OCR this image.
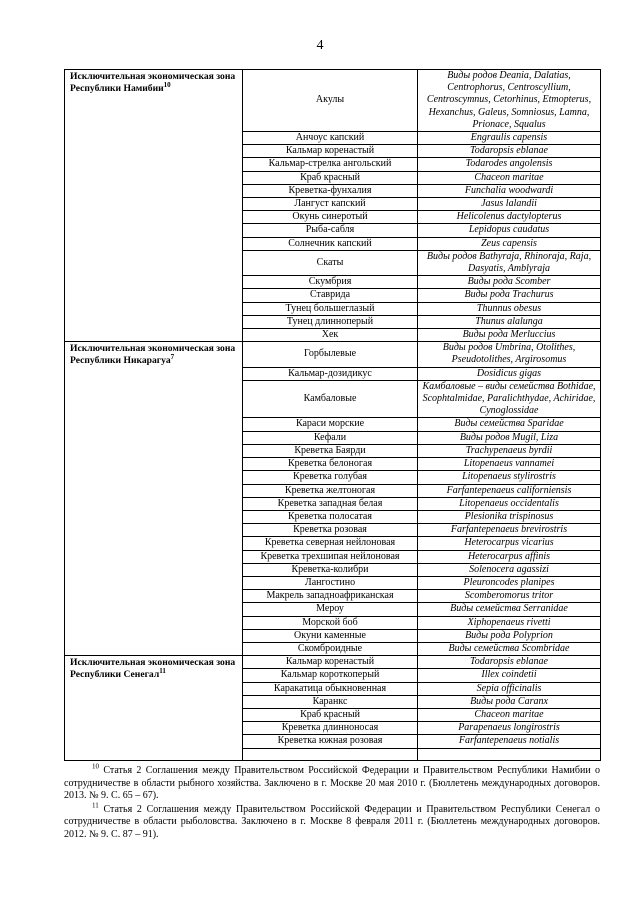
4
Исключительная экономическая зона Республики Намибии$^{10}$	Акулы	Виды родов Deania, Dalatias, Centrophorus, Centroscyllium, Centroscymnus, Cetorhinus, Etmopterus, Hexanchus, Galeus, Somniosus, Lamna, Prionace, Squalus
	Анчоус капский	Engraulis capensis
	Кальмар коренастый	Todaropsis eblanae
	Кальмар-стрелка ангольский	Todarodes angolensis
	Краб красный	Chaceon maritae
	Креветка-фунхалия	Funchalia woodwardi
	Лангуст капский	Jasus lalandii
	Окунь синеротый	Helicolenus dactylopterus
	Рыба-сабля	Lepidopus caudatus
	Солнечник капский	Zeus capensis
	Скаты	Виды родов Bathyraja, Rhinoraja, Raja, Dasyatis, Amblyraja
	Скумбрия	Виды рода Scomber
	Ставрида	Виды рода Trachurus
	Тунец большеглазый	Thunnus obesus
	Тунец длинноперый	Thunus alalunga
	Хек	Виды рода Merluccius
Исключительная экономическая зона Республики Никарагуа$^7$	Горбылевые	Виды родов Umbrina, Otolithes, Pseudotolithes, Argirosomus
	Кальмар-дозидикус	Dosidicus gigas
	Камбаловые	Камбаловые – виды семейства Bothidae, Scophtalmidae, Paralichthydae, Achiridae, Cynoglossidae
	Караси морские	Виды семейства Sparidae
	Кефали	Виды родов Mugil, Liza
	Креветка Баярди	Trachypenaeus byrdii
	Креветка белоногая	Litopenaeus vannamei
	Креветка голубая	Litopenaeus stylirostris
	Креветка желтоногая	Farfantepenaeus californiensis
	Креветка западная белая	Litopenaeus occidentalis
	Креветка полосатая	Plesionika trispinosus
	Креветка розовая	Farfantepenaeus brevirostris
	Креветка северная нейлоновая	Heterocarpus vicarius
	Креветка трехшипая нейлоновая	Heterocarpus affinis
	Креветка-колибри	Solenocera agassizi
	Лангостино	Pleuroncodes planipes
	Макрель западноафриканская	Scomberomorus tritor
	Мероу	Виды семейства Serranidae
	Морской боб	Xiphopenaeus rivetti
	Окуни каменные	Виды рода Polyprion
	Скомброидные	Виды семейства Scombridae
Исключительная экономическая зона Республики Сенегал$^{11}$	Кальмар коренастый	Todaropsis eblanae
	Кальмар короткоперый	Illex coindetii
	Каракатица обыкновенная	Sepia officinalis
	Каранкс	Виды рода Caranx
	Краб красный	Chaceon maritae
	Креветка длинноносая	Parapenaeus longirostris
	Креветка южная розовая	Farfantepenaeus notialis

$^{10}$ Статья 2 Соглашения между Правительством Российской Федерации и Правительством Республики Намибии о сотрудничестве в области рыбного хозяйства. Заключено в г. Москве 20 мая 2010 г. (Бюллетень международных договоров. 2013. № 9. С. 65 – 67).

$^{11}$ Статья 2 Соглашения между Правительством Российской Федерации и Правительством Республики Сенегал о сотрудничестве в области рыболовства. Заключено в г. Москве 8 февраля 2011 г. (Бюллетень международных договоров. 2012. № 9. С. 87 – 91).
